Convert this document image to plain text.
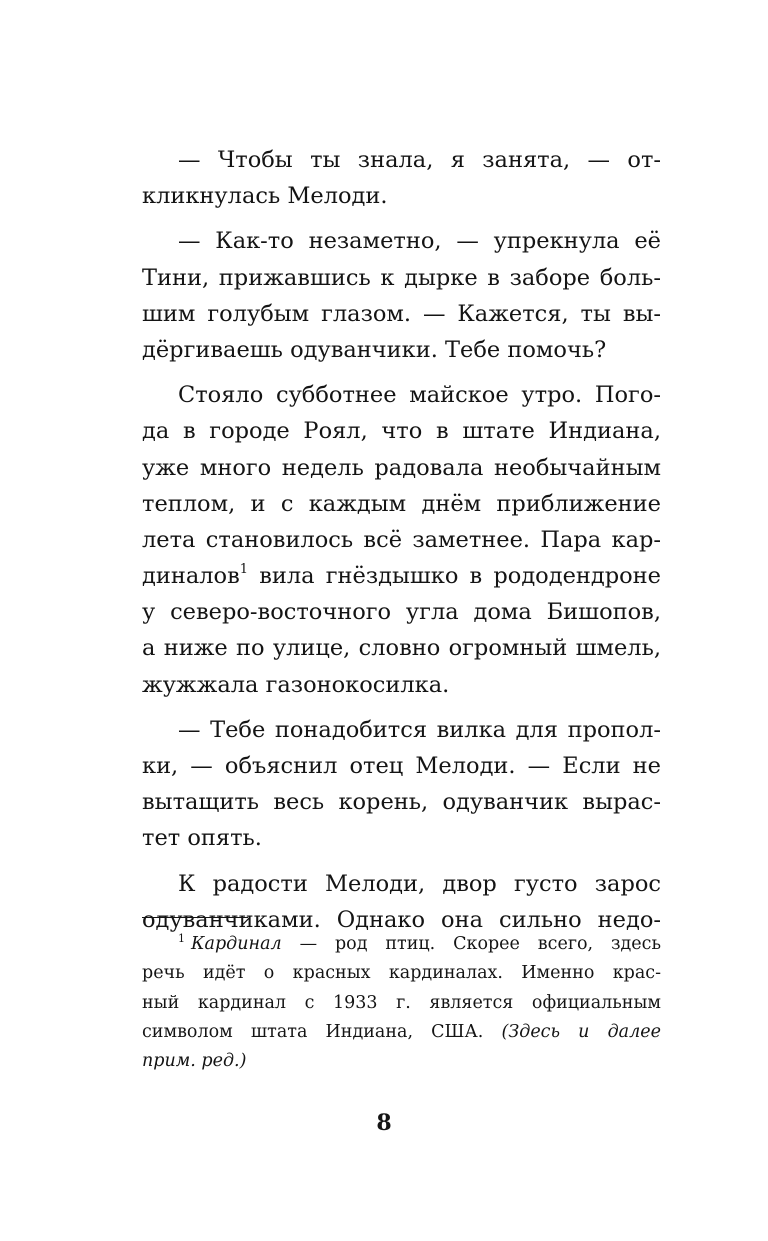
— Чтобы ты знала, я занята, — от-
кликнулась Мелоди.
— Как-то незаметно, — упрекнула её
Тини, прижавшись к дырке в заборе боль-
шим голубым глазом. — Кажется, ты вы-
дёргиваешь одуванчики. Тебе помочь?
Стояло субботнее майское утро. Пого-
да в городе Роял, что в штате Индиана,
уже много недель радовала необычайным
теплом, и с каждым днём приближение
лета становилось всё заметнее. Пара кар-
диналов$^1$ вила гнёздышко в рододендроне
у северо-восточного угла дома Бишопов,
а ниже по улице, словно огромный шмель,
жужжала газонокосилка.
— Тебе понадобится вилка для пропол-
ки, — объяснил отец Мелоди. — Если не
вытащить весь корень, одуванчик вырас-
тет опять.
К радости Мелоди, двор густо зарос
одуванчиками. Однако она сильно недо-
$^1$ Кардинал — род птиц. Скорее всего, здесь
речь идёт о красных кардиналах. Именно крас-
ный кардинал с 1933 г. является официальным
символом штата Индиана, США. (Здесь и далее
прим. ред.)
8
